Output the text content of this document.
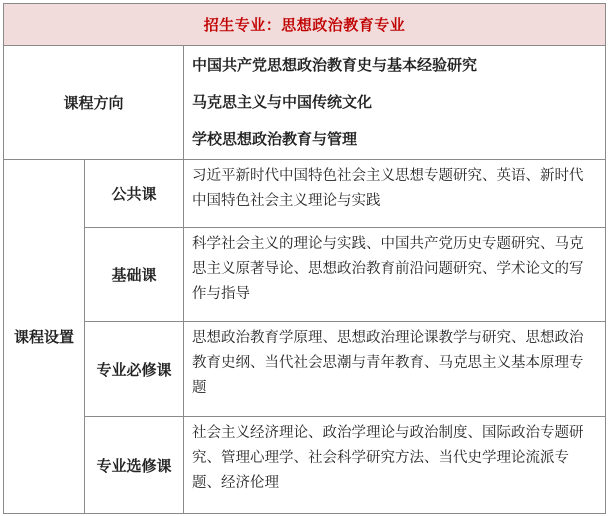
招生专业：思想政治教育专业
课程方向
中国共产党思想政治教育史与基本经验研究
马克思主义与中国传统文化
学校思想政治教育与管理
课程设置
公共课
习近平新时代中国特色社会主义思想专题研究、英语、新时代中国特色社会主义理论与实践
基础课
科学社会主义的理论与实践、中国共产党历史专题研究、马克思主义原著导论、思想政治教育前沿问题研究、学术论文的写作与指导
专业必修课
思想政治教育学原理、思想政治理论课教学与研究、思想政治教育史纲、当代社会思潮与青年教育、马克思主义基本原理专题
专业选修课
社会主义经济理论、政治学理论与政治制度、国际政治专题研究、管理心理学、社会科学研究方法、当代史学理论流派专题、经济伦理
